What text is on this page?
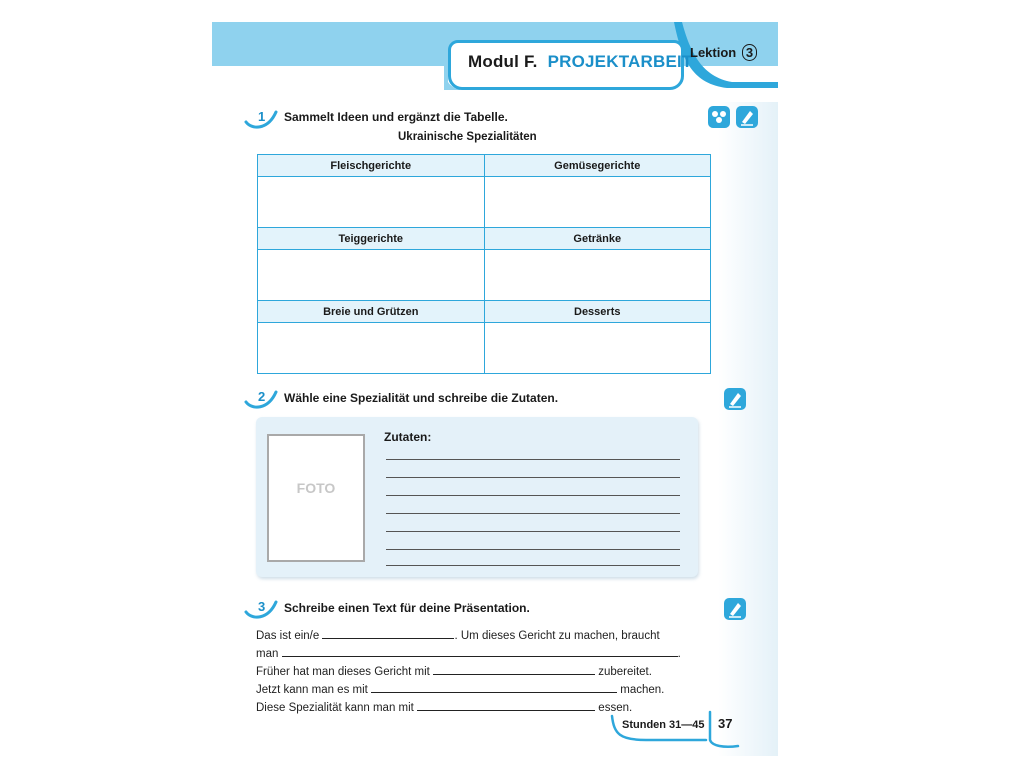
Modul F. PROJEKTARBEIT
Lektion 3
1 Sammelt Ideen und ergänzt die Tabelle.
Ukrainische Spezialitäten
Fleischgerichte	Gemüsegerichte

Teiggerichte	Getränke

Breie und Grützen	Desserts

2 Wähle eine Spezialität und schreibe die Zutaten.
FOTO
Zutaten:
3 Schreibe einen Text für deine Präsentation.
Das ist ein/e	. Um dieses Gericht zu machen, braucht
man	.
Früher hat man dieses Gericht mit	zubereitet.
Jetzt kann man es mit	machen.
Diese Spezialität kann man mit	essen.
Stunden 31—45 37
